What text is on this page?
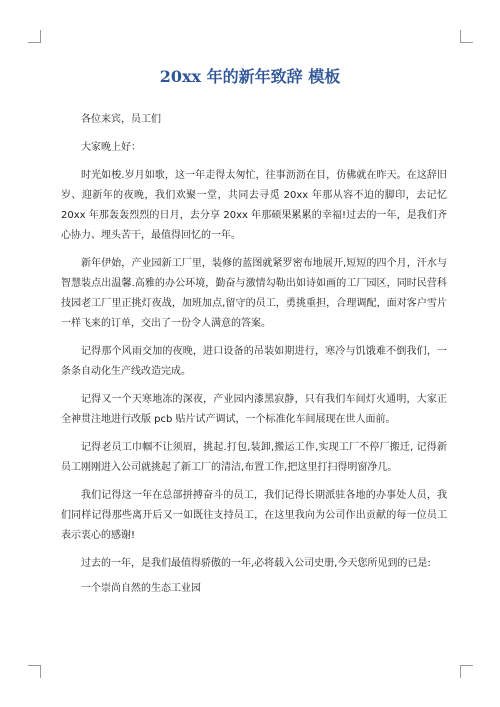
20xx 年的新年致辞 模板

各位来宾，员工们

大家晚上好：

时光如梭.岁月如歌，这一年走得太匆忙，往事沥沥在目，仿佛就在昨天。在这辞旧岁、迎新年的夜晚，我们欢聚一堂，共同去寻觅 20xx 年那从容不迫的脚印，去记忆 20xx 年那轰轰烈烈的日月，去分享 20xx 年那硕果累累的幸福!过去的一年，是我们齐心协力、埋头苦干，最值得回忆的一年。

新年伊始，产业园新工厂里，装修的蓝图就紧罗密布地展开,短短的四个月，汗水与智慧装点出温馨.高雅的办公环境，勤奋与激情勾勒出如诗如画的工厂园区，同时民营科技园老工厂里正挑灯夜战，加班加点,留守的员工，勇挑重担，合理调配，面对客户雪片一样飞来的订单，交出了一份令人满意的答案。

记得那个风雨交加的夜晚，进口设备的吊装如期进行，寒冷与饥饿难不倒我们，一条条自动化生产线改造完成。

记得又一个天寒地冻的深夜，产业园内漆黑寂静，只有我们车间灯火通明，大家正全神贯注地进行改版 pcb 贴片试产调试，一个标准化车间展现在世人面前。

记得老员工巾帼不让须眉，挑起.打包,装卸,搬运工作,实现工厂不停厂搬迁, 记得新员工刚刚进入公司就挑起了新工厂的清洁,布置工作,把这里打扫得明窗净几。

我们记得这一年在总部拼搏奋斗的员工，我们记得长期派驻各地的办事处人员，我们同样记得那些离开后又一如既往支持员工，在这里我向为公司作出贡献的每一位员工表示衷心的感谢!

过去的一年，是我们最值得骄傲的一年,必将载入公司史册,今天您所见到的已是:

一个崇尚自然的生态工业园
